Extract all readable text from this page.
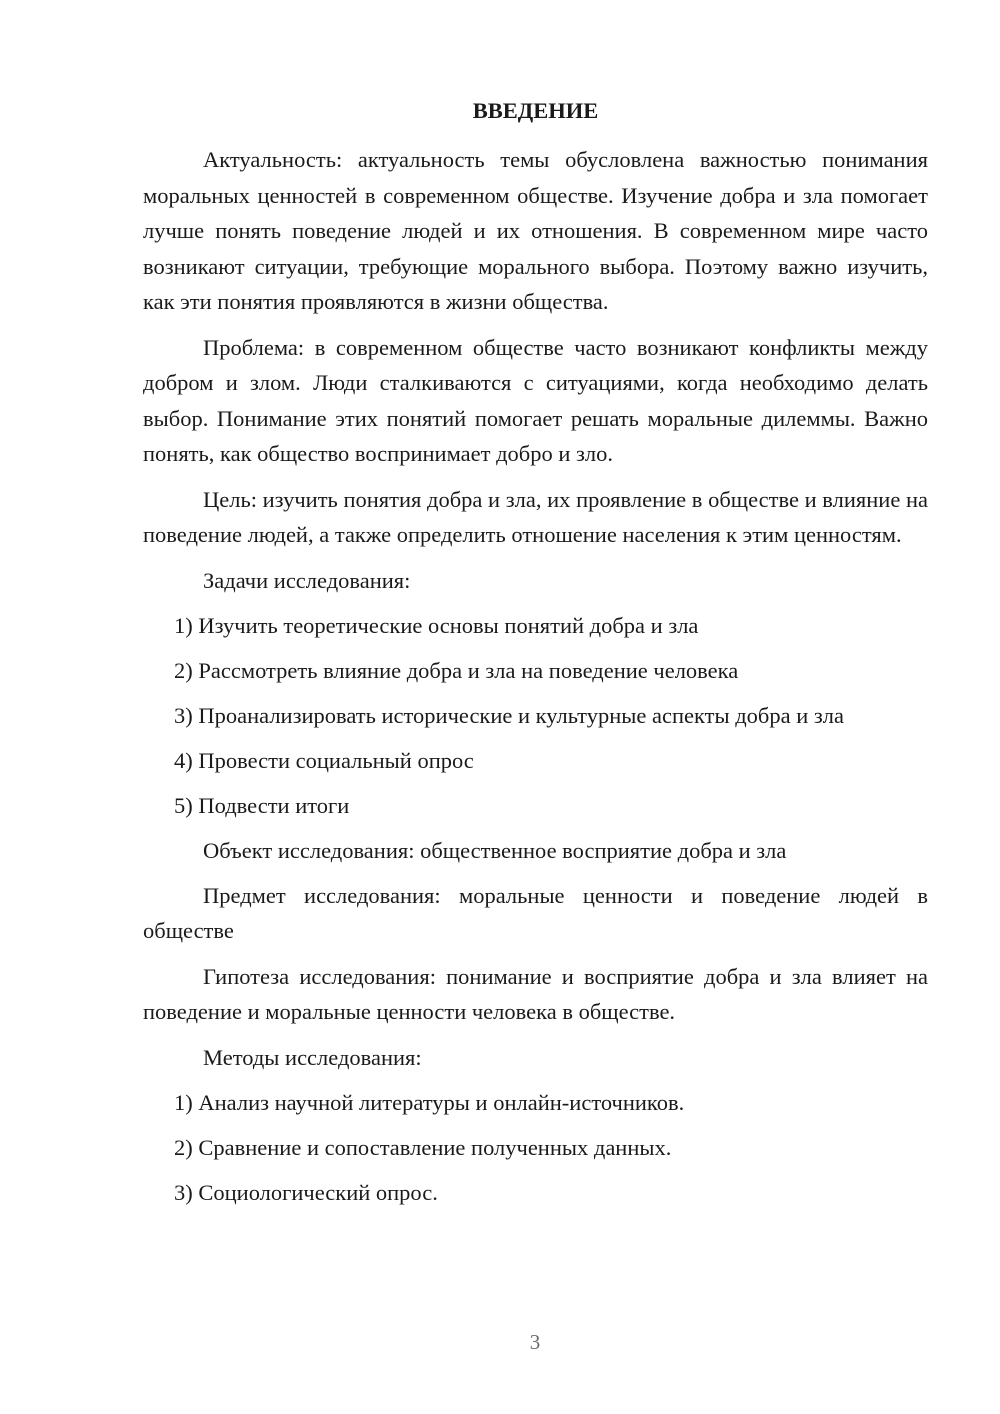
ВВЕДЕНИЕ

Актуальность: актуальность темы обусловлена важностью понимания моральных ценностей в современном обществе. Изучение добра и зла помогает лучше понять поведение людей и их отношения. В современном мире часто возникают ситуации, требующие морального выбора. Поэтому важно изучить, как эти понятия проявляются в жизни общества.

Проблема: в современном обществе часто возникают конфликты между добром и злом. Люди сталкиваются с ситуациями, когда необходимо делать выбор. Понимание этих понятий помогает решать моральные дилеммы. Важно понять, как общество воспринимает добро и зло.

Цель: изучить понятия добра и зла, их проявление в обществе и влияние на поведение людей, а также определить отношение населения к этим ценностям.

Задачи исследования:
1) Изучить теоретические основы понятий добра и зла
2) Рассмотреть влияние добра и зла на поведение человека
3) Проанализировать исторические и культурные аспекты добра и зла
4) Провести социальный опрос
5) Подвести итоги
Объект исследования: общественное восприятие добра и зла

Предмет исследования: моральные ценности и поведение людей в обществе

Гипотеза исследования: понимание и восприятие добра и зла влияет на поведение и моральные ценности человека в обществе.

Методы исследования:
1) Анализ научной литературы и онлайн-источников.
2) Сравнение и сопоставление полученных данных.
3) Социологический опрос.
3
